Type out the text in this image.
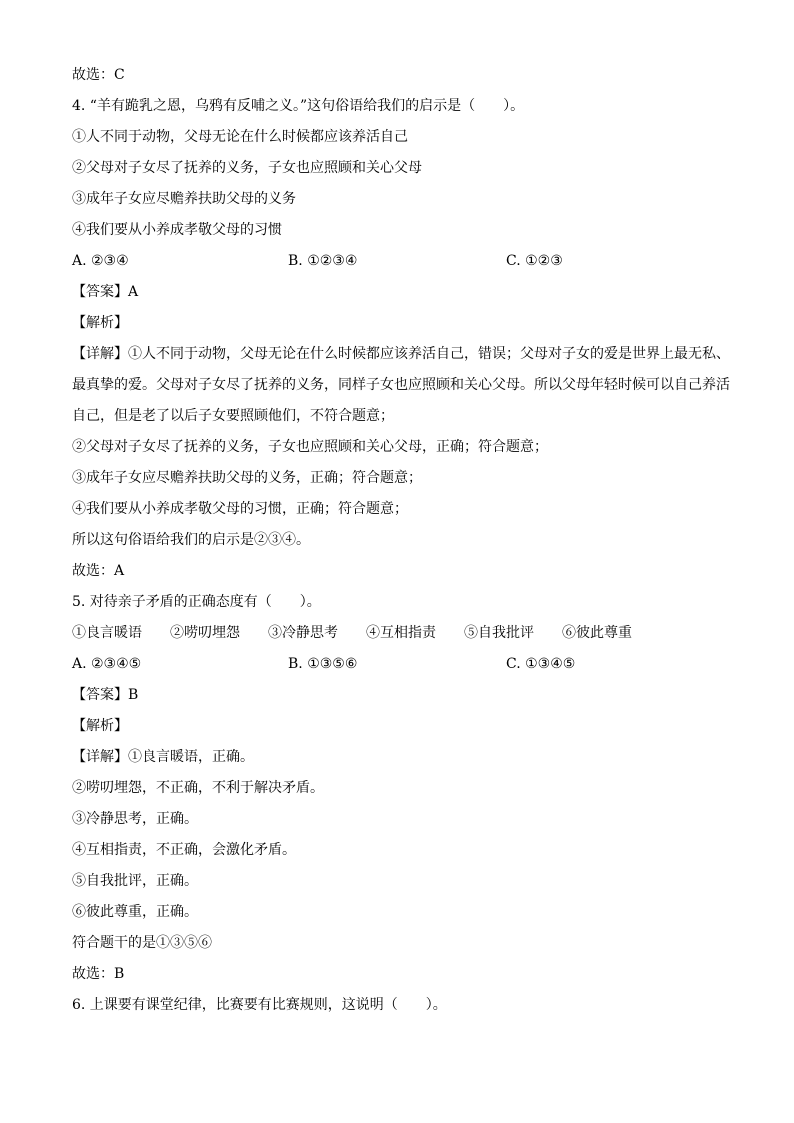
故选：C
4. “羊有跪乳之恩，乌鸦有反哺之义。”这句俗语给我们的启示是（　　）。
①人不同于动物，父母无论在什么时候都应该养活自己
②父母对子女尽了抚养的义务，子女也应照顾和关心父母
③成年子女应尽赡养扶助父母的义务
④我们要从小养成孝敬父母的习惯
A. ②③④	B. ①②③④	C. ①②③
【答案】A
【解析】
【详解】①人不同于动物，父母无论在什么时候都应该养活自己，错误；父母对子女的爱是世界上最无私、最真挚的爱。父母对子女尽了抚养的义务，同样子女也应照顾和关心父母。所以父母年轻时候可以自己养活自己，但是老了以后子女要照顾他们，不符合题意；
②父母对子女尽了抚养的义务，子女也应照顾和关心父母，正确；符合题意；
③成年子女应尽赡养扶助父母的义务，正确；符合题意；
④我们要从小养成孝敬父母的习惯，正确；符合题意；
所以这句俗语给我们的启示是②③④。
故选：A
5. 对待亲子矛盾的正确态度有（　　）。
①良言暖语 ②唠叨埋怨 ③冷静思考 ④互相指责 ⑤自我批评 ⑥彼此尊重
A. ②③④⑤	B. ①③⑤⑥	C. ①③④⑤
【答案】B
【解析】
【详解】①良言暖语，正确。
②唠叨埋怨，不正确，不利于解决矛盾。
③冷静思考，正确。
④互相指责，不正确，会激化矛盾。
⑤自我批评，正确。
⑥彼此尊重，正确。
符合题干的是①③⑤⑥
故选：B
6. 上课要有课堂纪律，比赛要有比赛规则，这说明（　　）。
